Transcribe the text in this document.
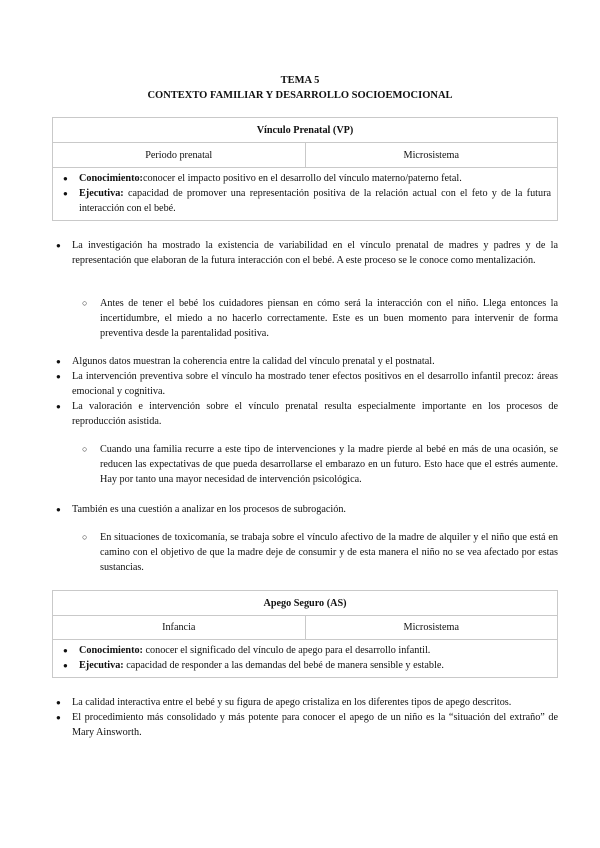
TEMA 5
CONTEXTO FAMILIAR Y DESARROLLO SOCIOEMOCIONAL
Vínculo Prenatal (VP)
Periodo prenatal	Microsistema
● Conocimiento:conocer el impacto positivo en el desarrollo del vínculo materno/paterno fetal.
● Ejecutiva: capacidad de promover una representación positiva de la relación actual con el feto y de la futura interacción con el bebé.
● La investigación ha mostrado la existencia de variabilidad en el vínculo prenatal de madres y padres y de la representación que elaboran de la futura interacción con el bebé. A este proceso se le conoce como mentalización.
○ Antes de tener el bebé los cuidadores piensan en cómo será la interacción con el niño. Llega entonces la incertidumbre, el miedo a no hacerlo correctamente. Este es un buen momento para intervenir de forma preventiva desde la parentalidad positiva.
● Algunos datos muestran la coherencia entre la calidad del vínculo prenatal y el postnatal.
● La intervención preventiva sobre el vínculo ha mostrado tener efectos positivos en el desarrollo infantil precoz: áreas emocional y cognitiva.
● La valoración e intervención sobre el vínculo prenatal resulta especialmente importante en los procesos de reproducción asistida.
○ Cuando una familia recurre a este tipo de intervenciones y la madre pierde al bebé en más de una ocasión, se reducen las expectativas de que pueda desarrollarse el embarazo en un futuro. Esto hace que el estrés aumente. Hay por tanto una mayor necesidad de intervención psicológica.
● También es una cuestión a analizar en los procesos de subrogación.
○ En situaciones de toxicomanía, se trabaja sobre el vínculo afectivo de la madre de alquiler y el niño que está en camino con el objetivo de que la madre deje de consumir y de esta manera el niño no se vea afectado por estas sustancias.
Apego Seguro (AS)
Infancia	Microsistema
● Conocimiento: conocer el significado del vínculo de apego para el desarrollo infantil.
● Ejecutiva: capacidad de responder a las demandas del bebé de manera sensible y estable.
● La calidad interactiva entre el bebé y su figura de apego cristaliza en los diferentes tipos de apego descritos.
● El procedimiento más consolidado y más potente para conocer el apego de un niño es la “situación del extraño” de Mary Ainsworth.
